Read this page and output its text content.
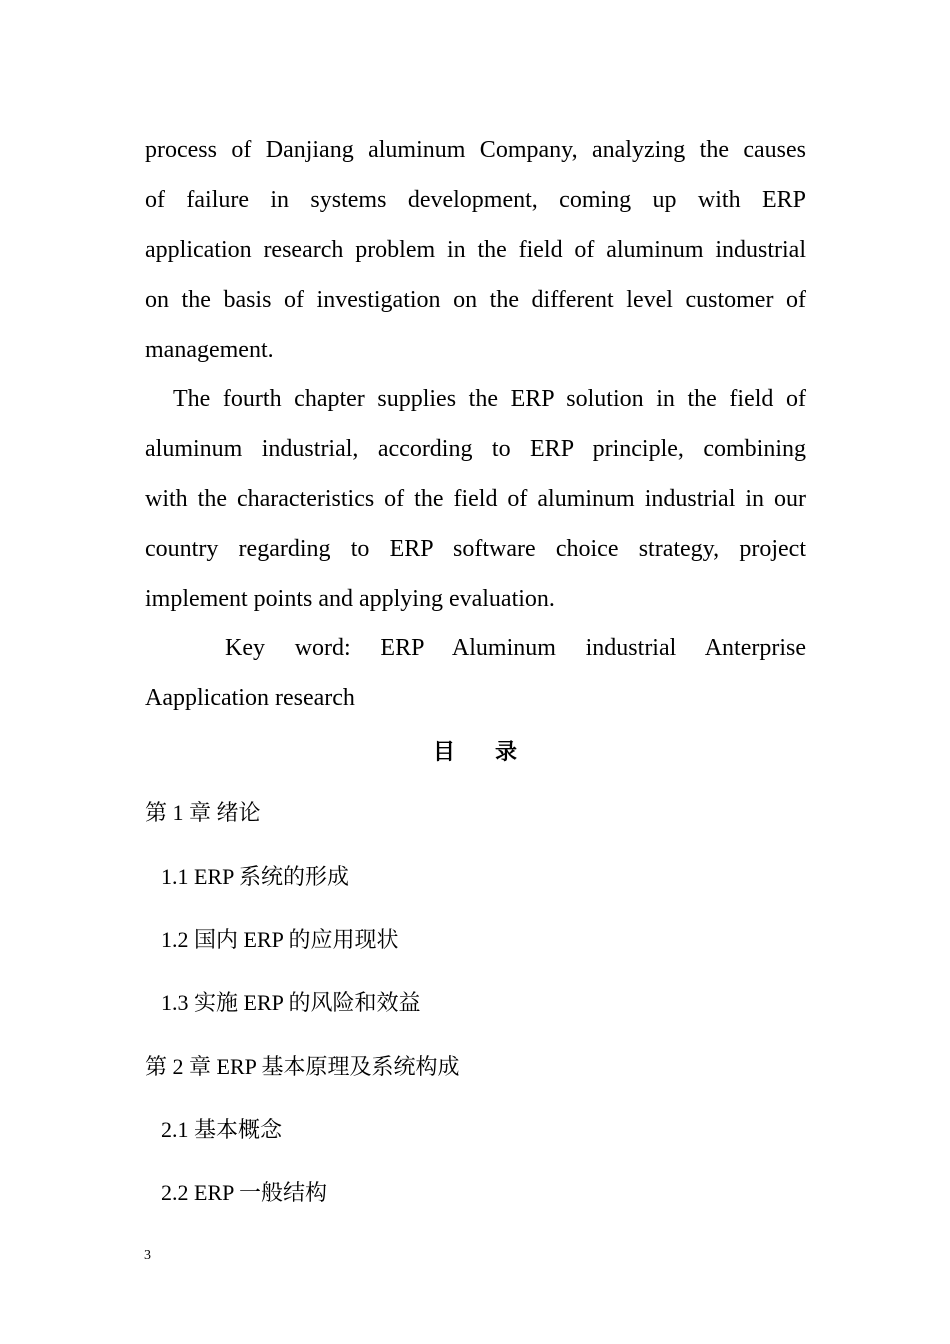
process of Danjiang aluminum Company, analyzing the causes
of failure in systems development, coming up with ERP
application research problem in the field of aluminum industrial
on the basis of investigation on the different level customer of
management.
The fourth chapter supplies the ERP solution in the field of
aluminum industrial, according to ERP principle, combining
with the characteristics of the field of aluminum industrial in our
country regarding to ERP software choice strategy, project
implement points and applying evaluation.
Key word: ERP Aluminum industrial Anterprise
Aapplication research
目录
第 1 章 绪论
1.1 ERP 系统的形成
1.2 国内 ERP 的应用现状
1.3 实施 ERP 的风险和效益
第 2 章 ERP 基本原理及系统构成
2.1 基本概念
2.2 ERP 一般结构
3
